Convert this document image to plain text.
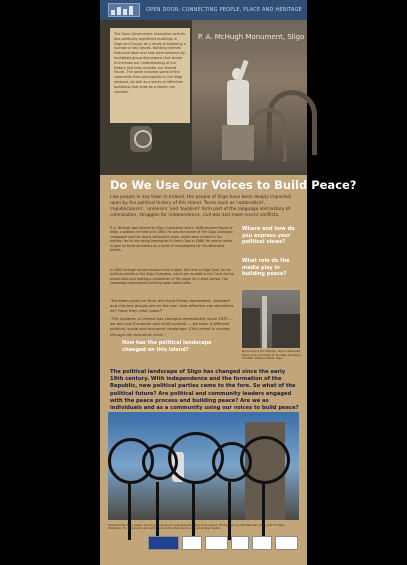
OPEN DOOR: CONNECTING PEOPLE, PLACE AND HERITAGE
The Open Government Innovation activity and politically significant buildings in Sligo and Clough as a result of exploring a number of key places. Building themes: Historical tales and how were between by facilitated group discussions that aimed to increase our understanding of our history and how consider our shared future. The panel includes some of the comments from participants in the Sligo sessions, as well as a series of reflective questions that arise as a reader can consider.
P. A. McHugh Monument, Sligo
Do We Use Our Voices to Build Peace?
Like people in any town in Ireland, the people of Sligo have been deeply impacted upon by the political history of this island. Terms such as 'nationalism', 'republicanism', 'unionism' and 'loyalism' form part of the language and history of colonisation, struggles for independence, civil war and more recent conflicts.
P. A. McHugh was elected to Sligo Corporation and in 1888 became Mayor of Sligo, a position he held until 1890. He was the owner of The Sligo Champion newspaper and his strong nationalist views, which were evident in his articles, led to him being imprisoned in Derry Gaol in 1888. He was to return to gaol on three occasions as a result of campaigning for his nationalist beliefs.
In 1892 McHugh served another term in gaol, this time in Sligo Gaol, for his political articles in the Sligo Champion, which are recalled in the Court during prosecution and hosting a celebration of the paper for a short period. The newspaper commenced printing again weeks later.
"Fourteen years on from the Good Friday Agreement, dissident and criminal groups are on the rise. How effective can dissidents be? Have they clear goals?"
"The dynamic of Ireland has changed dramatically since 1970 — we are now European and multi-cultural — we have a different political, social and economic landscape. Civil unrest is coming through the economic crisis."
How has the political landscape changed on this island?
Where and how do you express your political views?
What role do the media play in building peace?
Monument to P.A. McHugh, Sligo's nationalist Mayor and co-founder of The Sligo Champion, The Mall, Stephen Street, Sligo.
The political landscape of Sligo has changed since the early 19th century. With independence and the formation of the Republic, new political parties came to the fore. So what of the political future? Are political and community leaders engaged with the peace process and building peace? Are we as individuals and as a community using our voices to build peace?
Thanks to the Sligo Library and County Library for supporting the Open Door project. Photographs by The National Library and the Sligo Champion. For information and with thanks to the Sligo County Council & Sligo Centre.
